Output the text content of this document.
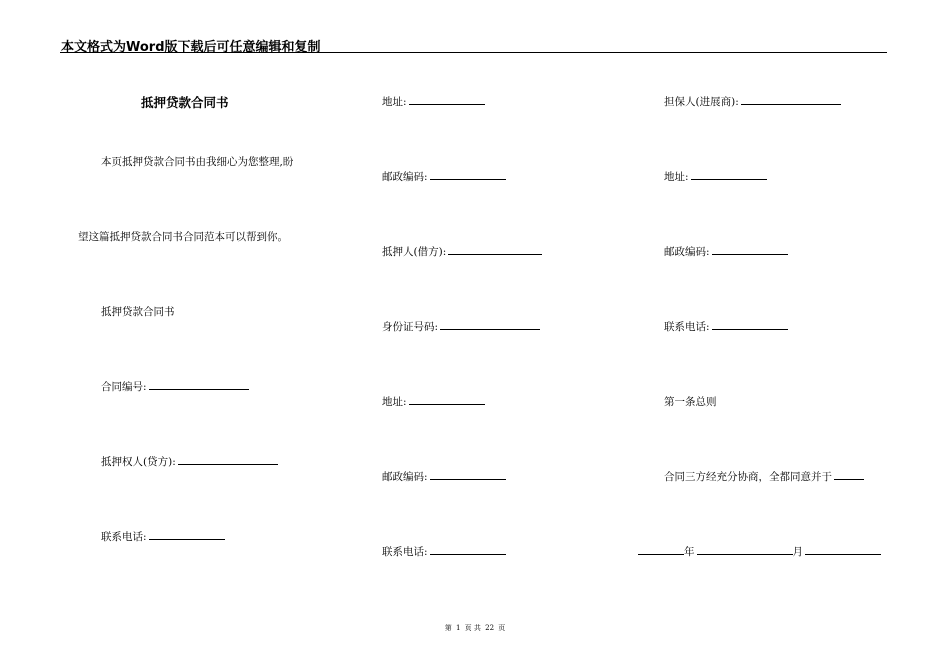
本文格式为Word版下载后可任意编辑和复制
抵押贷款合同书
本页抵押贷款合同书由我细心为您整理,盼
望这篇抵押贷款合同书合同范本可以帮到你。
抵押贷款合同书
合同编号:
抵押权人(贷方):
联系电话:
地址:
邮政编码:
抵押人(借方):
身份证号码:
地址:
邮政编码:
联系电话:
担保人(进展商):
地址:
邮政编码:
联系电话:
第一条总则
合同三方经充分协商，全都同意并于
年	月
第 1 页 共 22 页
